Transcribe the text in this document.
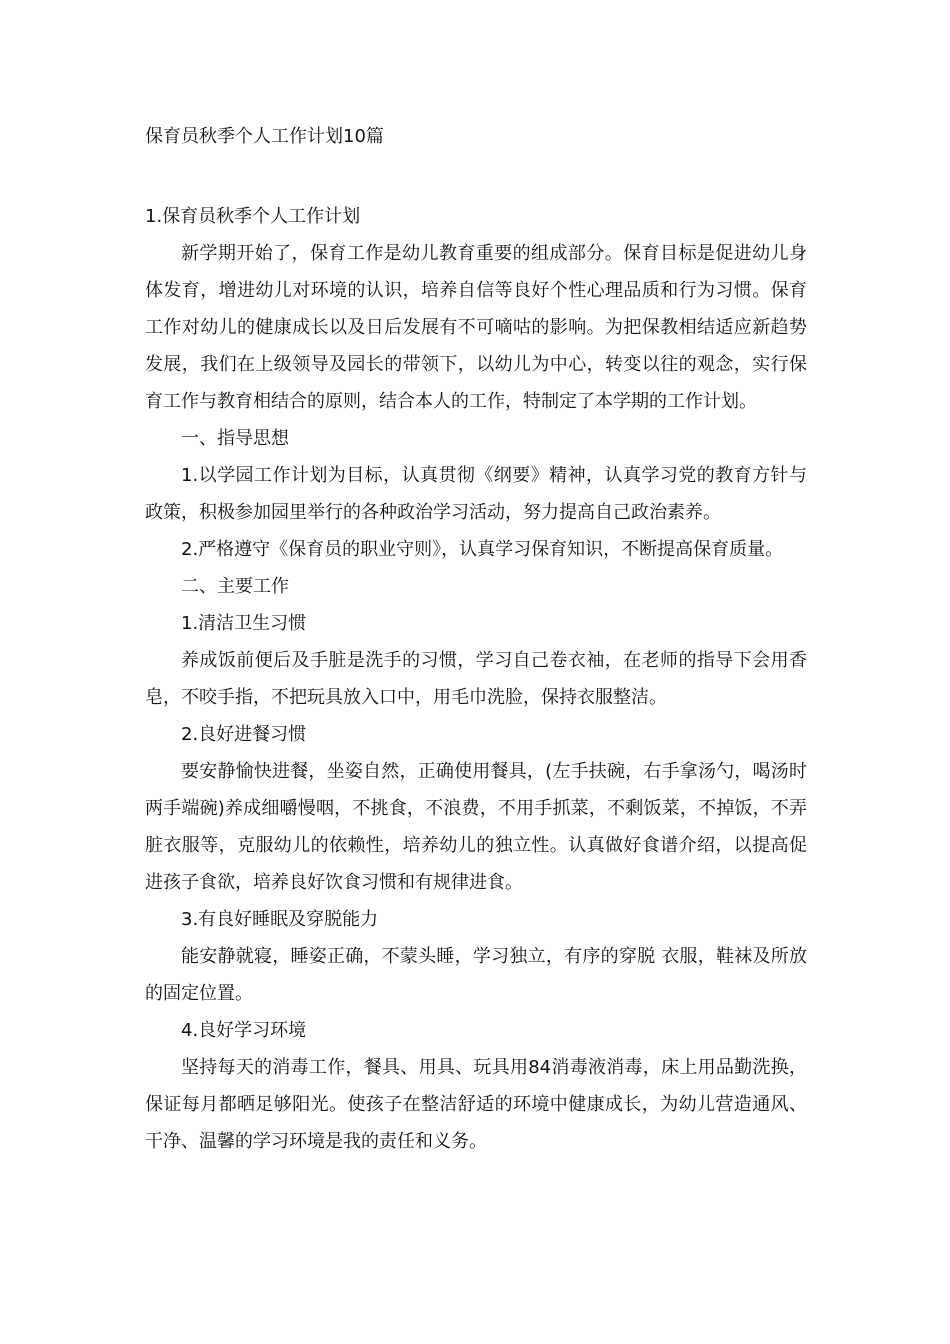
保育员秋季个人工作计划10篇

1.保育员秋季个人工作计划

新学期开始了，保育工作是幼儿教育重要的组成部分。保育目标是促进幼儿身体发育，增进幼儿对环境的认识，培养自信等良好个性心理品质和行为习惯。保育工作对幼儿的健康成长以及日后发展有不可嘀咕的影响。为把保教相结适应新趋势发展，我们在上级领导及园长的带领下，以幼儿为中心，转变以往的观念，实行保育工作与教育相结合的原则，结合本人的工作，特制定了本学期的工作计划。

一、指导思想

1.以学园工作计划为目标，认真贯彻《纲要》精神，认真学习党的教育方针与政策，积极参加园里举行的各种政治学习活动，努力提高自己政治素养。

2.严格遵守《保育员的职业守则》，认真学习保育知识，不断提高保育质量。

二、主要工作

1.清洁卫生习惯

养成饭前便后及手脏是洗手的习惯，学习自己卷衣袖，在老师的指导下会用香皂，不咬手指，不把玩具放入口中，用毛巾洗脸，保持衣服整洁。

2.良好进餐习惯

要安静愉快进餐，坐姿自然，正确使用餐具，(左手扶碗，右手拿汤勺，喝汤时两手端碗)养成细嚼慢咽，不挑食，不浪费，不用手抓菜，不剩饭菜，不掉饭，不弄脏衣服等，克服幼儿的依赖性，培养幼儿的独立性。认真做好食谱介绍，以提高促进孩子食欲，培养良好饮食习惯和有规律进食。

3.有良好睡眠及穿脱能力

能安静就寝，睡姿正确，不蒙头睡，学习独立，有序的穿脱 衣服，鞋袜及所放的固定位置。

4.良好学习环境

坚持每天的消毒工作，餐具、用具、玩具用84消毒液消毒，床上用品勤洗换，保证每月都晒足够阳光。使孩子在整洁舒适的环境中健康成长，为幼儿营造通风、干净、温馨的学习环境是我的责任和义务。
